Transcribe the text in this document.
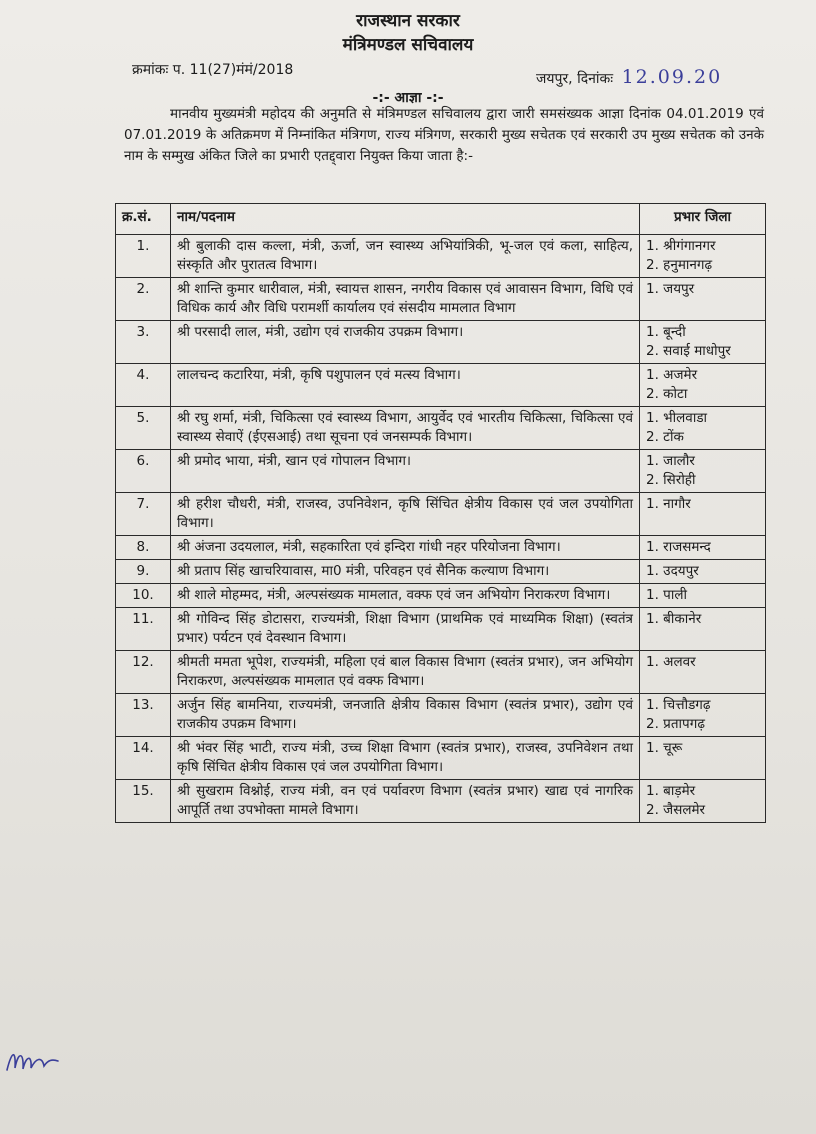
राजस्थान सरकार
मंत्रिमण्डल सचिवालय
क्रमांकः प. 11(27)मंमं/2018
जयपुर, दिनांकः 12.09.20
-:- आज्ञा -:-
मानवीय मुख्यमंत्री महोदय की अनुमति से मंत्रिमण्डल सचिवालय द्वारा जारी समसंख्यक आज्ञा दिनांक 04.01.2019 एवं 07.01.2019 के अतिक्रमण में निम्नांकित मंत्रिगण, राज्य मंत्रिगण, सरकारी मुख्य सचेतक एवं सरकारी उप मुख्य सचेतक को उनके नाम के सम्मुख अंकित जिले का प्रभारी एतद्द्वारा नियुक्त किया जाता है:-
क्र.सं.	नाम/पदनाम	प्रभार जिला
1.	श्री बुलाकी दास कल्ला, मंत्री, ऊर्जा, जन स्वास्थ्य अभियांत्रिकी, भू-जल एवं कला, साहित्य, संस्कृति और पुरातत्व विभाग।	1. श्रीगंगानगर
2. हनुमानगढ़

2.	श्री शान्ति कुमार धारीवाल, मंत्री, स्वायत्त शासन, नगरीय विकास एवं आवासन विभाग, विधि एवं विधिक कार्य और विधि परामर्शी कार्यालय एवं संसदीय मामलात विभाग	1. जयपुर

3.	श्री परसादी लाल, मंत्री, उद्योग एवं राजकीय उपक्रम विभाग।	1. बून्दी
2. सवाई माधोपुर

4.	लालचन्द कटारिया, मंत्री, कृषि पशुपालन एवं मत्स्य विभाग।	1. अजमेर
2. कोटा

5.	श्री रघु शर्मा, मंत्री, चिकित्सा एवं स्वास्थ्य विभाग, आयुर्वेद एवं भारतीय चिकित्सा, चिकित्सा एवं स्वास्थ्य सेवाऐं (ईएसआई) तथा सूचना एवं जनसम्पर्क विभाग।	1. भीलवाडा
2. टोंक

6.	श्री प्रमोद भाया, मंत्री, खान एवं गोपालन विभाग।	1. जालौर
2. सिरोही

7.	श्री हरीश चौधरी, मंत्री, राजस्व, उपनिवेशन, कृषि सिंचित क्षेत्रीय विकास एवं जल उपयोगिता विभाग।	1. नागौर

8.	श्री अंजना उदयलाल, मंत्री, सहकारिता एवं इन्दिरा गांधी नहर परियोजना विभाग।	1. राजसमन्द

9.	श्री प्रताप सिंह खाचरियावास, मा0 मंत्री, परिवहन एवं सैनिक कल्याण विभाग।	1. उदयपुर

10.	श्री शाले मोहम्मद, मंत्री, अल्पसंख्यक मामलात, वक्फ एवं जन अभियोग निराकरण विभाग।	1. पाली

11.	श्री गोविन्द सिंह डोटासरा, राज्यमंत्री, शिक्षा विभाग (प्राथमिक एवं माध्यमिक शिक्षा) (स्वतंत्र प्रभार) पर्यटन एवं देवस्थान विभाग।	1. बीकानेर

12.	श्रीमती ममता भूपेश, राज्यमंत्री, महिला एवं बाल विकास विभाग (स्वतंत्र प्रभार), जन अभियोग निराकरण, अल्पसंख्यक मामलात एवं वक्फ विभाग।	1. अलवर

13.	अर्जुन सिंह बामनिया, राज्यमंत्री, जनजाति क्षेत्रीय विकास विभाग (स्वतंत्र प्रभार), उद्योग एवं राजकीय उपक्रम विभाग।	1. चित्तौडगढ़
2. प्रतापगढ़

14.	श्री भंवर सिंह भाटी, राज्य मंत्री, उच्च शिक्षा विभाग (स्वतंत्र प्रभार), राजस्व, उपनिवेशन तथा कृषि सिंचित क्षेत्रीय विकास एवं जल उपयोगिता विभाग।	1. चूरू

15.	श्री सुखराम विश्नोई, राज्य मंत्री, वन एवं पर्यावरण विभाग (स्वतंत्र प्रभार) खाद्य एवं नागरिक आपूर्ति तथा उपभोक्ता मामले विभाग।	1. बाड़मेर
2. जैसलमेर
